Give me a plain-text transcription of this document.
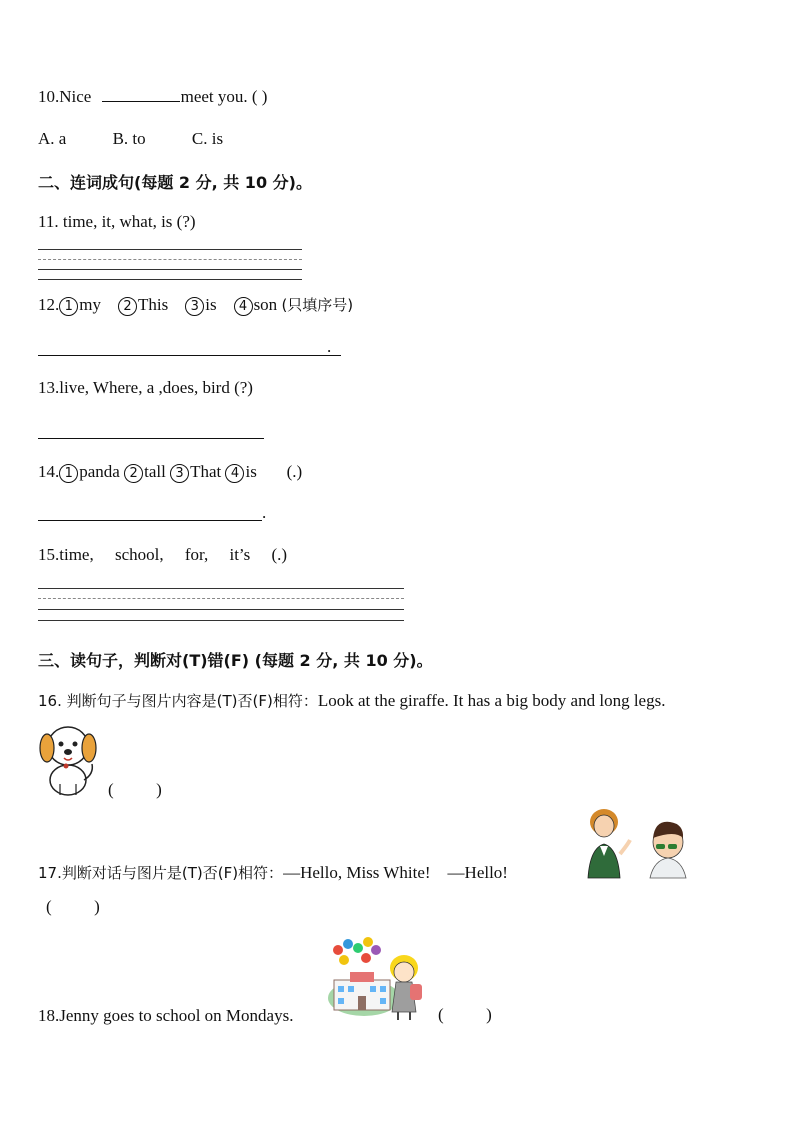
10.Nice	meet you. ( )
A. a	B. to	C. is
二、连词成句(每题 2 分, 共 10 分)。
11. time, it, what, is (?)
12. 1 my 2 This 3 is 4 son (只填序号)
.
13.live, Where, a ,does, bird (?)
14. 1 panda 2 tall 3 That 4 is (.)
.
15.time,     school,     for,     it’s     (.)
三、读句子，判断对(T)错(F) (每题 2 分, 共 10 分)。
16. 判断句子与图片内容是(T)否(F)相符：Look at the giraffe. It has a big body and long legs.
(          )
17.判断对话与图片是(T)否(F)相符：—Hello, Miss White!    —Hello!
(          )
18.Jenny goes to school on Mondays.	(          )
